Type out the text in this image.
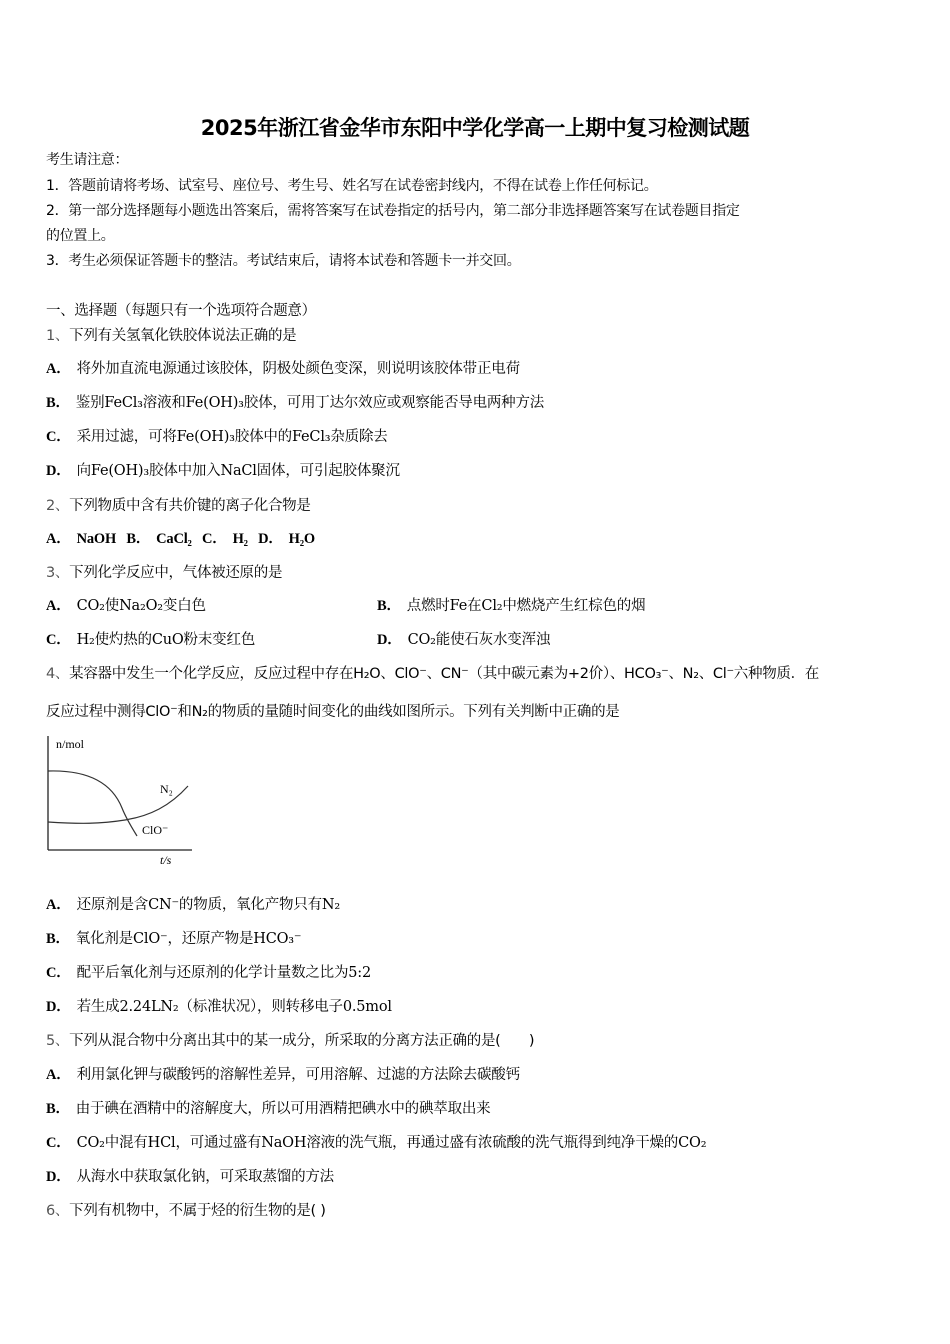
2025年浙江省金华市东阳中学化学高一上期中复习检测试题
考生请注意：
1．答题前请将考场、试室号、座位号、考生号、姓名写在试卷密封线内，不得在试卷上作任何标记。
2．第一部分选择题每小题选出答案后，需将答案写在试卷指定的括号内，第二部分非选择题答案写在试卷题目指定
的位置上。
3．考生必须保证答题卡的整洁。考试结束后，请将本试卷和答题卡一并交回。
一、选择题（每题只有一个选项符合题意）
1、下列有关氢氧化铁胶体说法正确的是
A． 将外加直流电源通过该胶体，阴极处颜色变深，则说明该胶体带正电荷
B． 鉴别FeCl₃溶液和Fe(OH)₃胶体，可用丁达尔效应或观察能否导电两种方法
C． 采用过滤，可将Fe(OH)₃胶体中的FeCl₃杂质除去
D． 向Fe(OH)₃胶体中加入NaCl固体，可引起胶体聚沉
2、下列物质中含有共价键的离子化合物是
A． NaOH B． CaCl₂ C． H₂ D． H₂O
3、下列化学反应中，气体被还原的是
A． CO₂使Na₂O₂变白色	B． 点燃时Fe在Cl₂中燃烧产生红棕色的烟
C． H₂使灼热的CuO粉末变红色	D． CO₂能使石灰水变浑浊
4、某容器中发生一个化学反应，反应过程中存在H₂O、ClO⁻、CN⁻（其中碳元素为+2价）、HCO₃⁻、N₂、Cl⁻六种物质．在
反应过程中测得ClO⁻和N₂的物质的量随时间变化的曲线如图所示。下列有关判断中正确的是
n/mol
t/s
N₂
ClO⁻
A． 还原剂是含CN⁻的物质，氧化产物只有N₂
B． 氧化剂是ClO⁻，还原产物是HCO₃⁻
C． 配平后氧化剂与还原剂的化学计量数之比为5:2
D． 若生成2.24LN₂（标准状况），则转移电子0.5mol
5、下列从混合物中分离出其中的某一成分，所采取的分离方法正确的是(　　)
A． 利用氯化钾与碳酸钙的溶解性差异，可用溶解、过滤的方法除去碳酸钙
B． 由于碘在酒精中的溶解度大，所以可用酒精把碘水中的碘萃取出来
C． CO₂中混有HCl，可通过盛有NaOH溶液的洗气瓶，再通过盛有浓硫酸的洗气瓶得到纯净干燥的CO₂
D． 从海水中获取氯化钠，可采取蒸馏的方法
6、下列有机物中，不属于烃的衍生物的是( )
